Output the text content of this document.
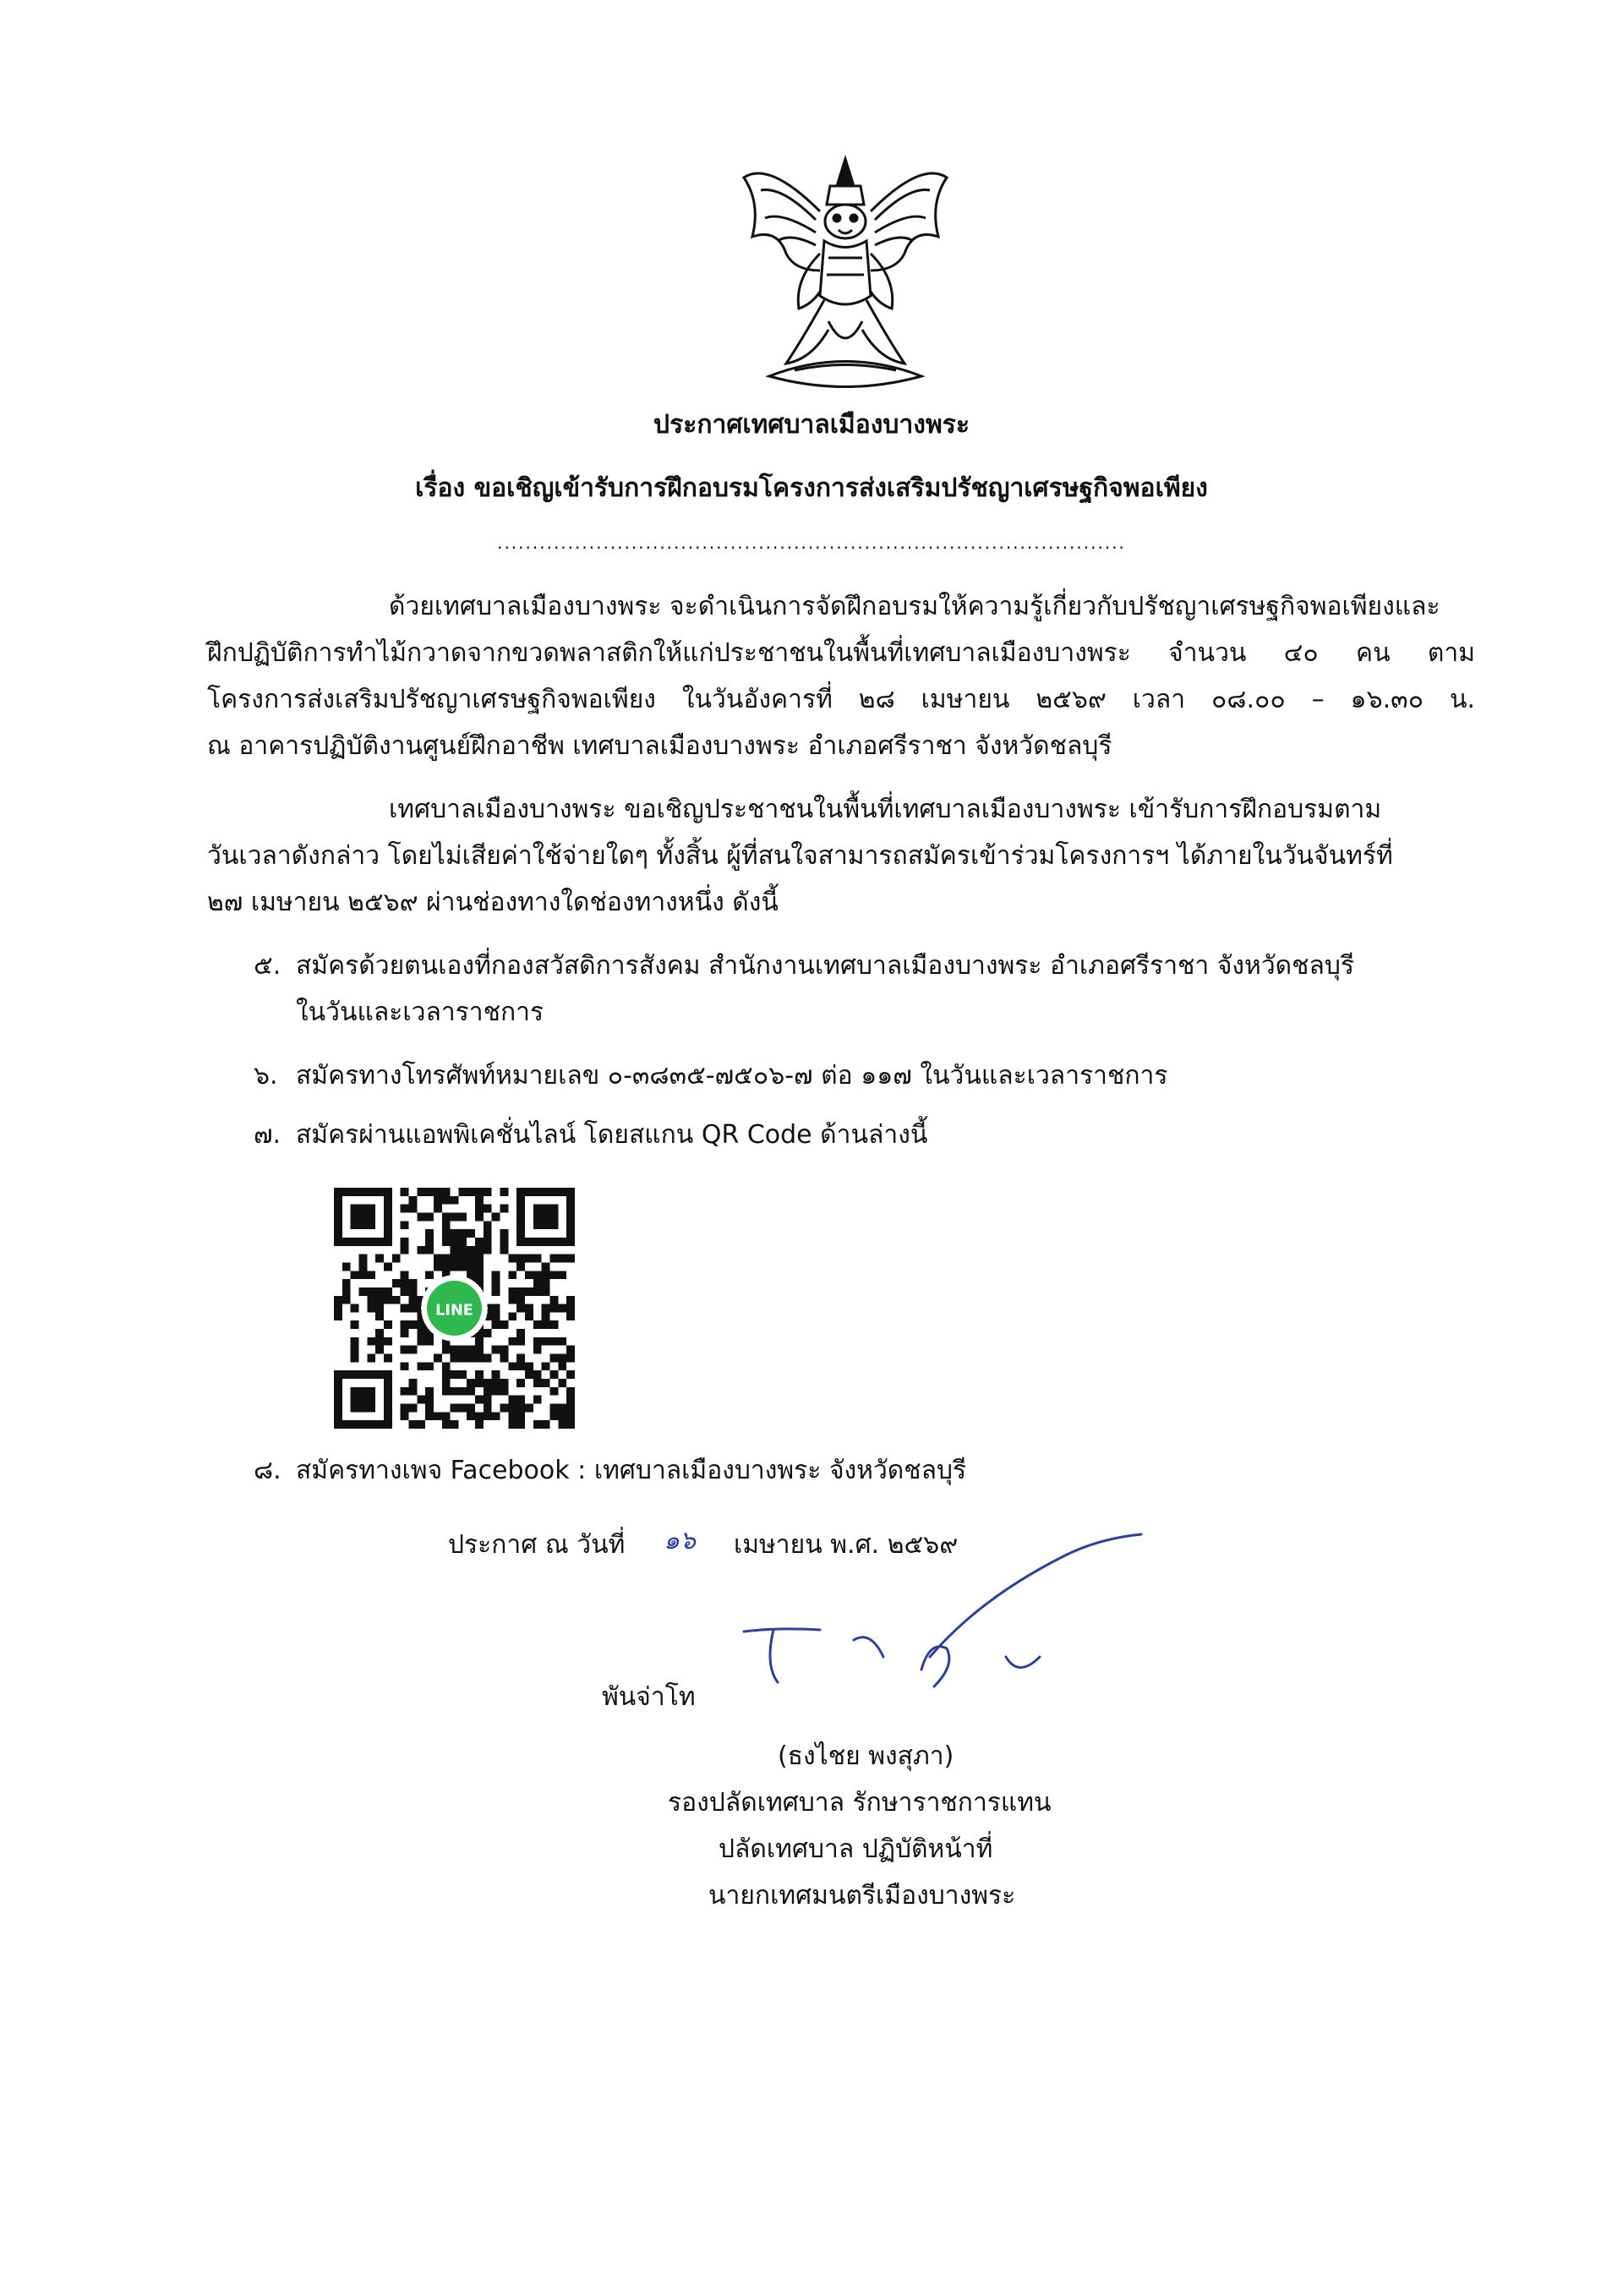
ประกาศเทศบาลเมืองบางพระ
เรื่อง ขอเชิญเข้ารับการฝึกอบรมโครงการส่งเสริมปรัชญาเศรษฐกิจพอเพียง
.........................................................................................
ด้วยเทศบาลเมืองบางพระ จะดำเนินการจัดฝึกอบรมให้ความรู้เกี่ยวกับปรัชญาเศรษฐกิจพอเพียงและ
ฝึกปฏิบัติการทำไม้กวาดจากขวดพลาสติกให้แก่ประชาชนในพื้นที่เทศบาลเมืองบางพระ จำนวน ๔๐ คน ตาม
โครงการส่งเสริมปรัชญาเศรษฐกิจพอเพียง ในวันอังคารที่ ๒๘ เมษายน ๒๕๖๙ เวลา ๐๘.๐๐ – ๑๖.๓๐ น.
ณ อาคารปฏิบัติงานศูนย์ฝึกอาชีพ เทศบาลเมืองบางพระ อำเภอศรีราชา จังหวัดชลบุรี
เทศบาลเมืองบางพระ ขอเชิญประชาชนในพื้นที่เทศบาลเมืองบางพระ เข้ารับการฝึกอบรมตาม
วันเวลาดังกล่าว โดยไม่เสียค่าใช้จ่ายใดๆ ทั้งสิ้น ผู้ที่สนใจสามารถสมัครเข้าร่วมโครงการฯ ได้ภายในวันจันทร์ที่
๒๗ เมษายน ๒๕๖๙ ผ่านช่องทางใดช่องทางหนึ่ง ดังนี้
๕. สมัครด้วยตนเองที่กองสวัสดิการสังคม สำนักงานเทศบาลเมืองบางพระ อำเภอศรีราชา จังหวัดชลบุรี
ในวันและเวลาราชการ
๖. สมัครทางโทรศัพท์หมายเลข ๐-๓๘๓๕-๗๕๐๖-๗ ต่อ ๑๑๗ ในวันและเวลาราชการ
๗. สมัครผ่านแอพพิเคชั่นไลน์ โดยสแกน QR Code ด้านล่างนี้
LINE
๘. สมัครทางเพจ Facebook : เทศบาลเมืองบางพระ จังหวัดชลบุรี
ประกาศ ณ วันที่ ๑๖ เมษายน พ.ศ. ๒๕๖๙
พันจ่าโท
(ธงไชย พงสุภา)
รองปลัดเทศบาล รักษาราชการแทน
ปลัดเทศบาล ปฏิบัติหน้าที่
นายกเทศมนตรีเมืองบางพระ
